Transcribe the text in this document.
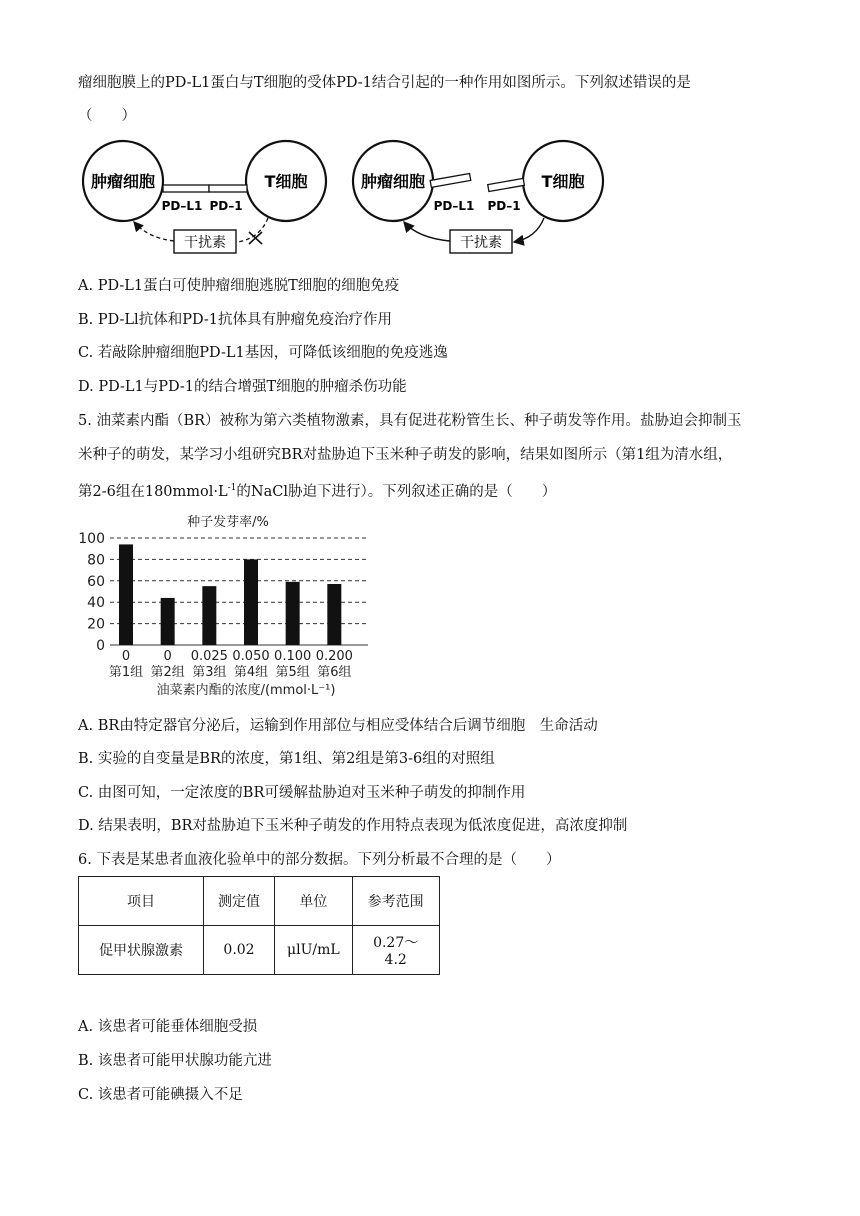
瘤细胞膜上的PD-L1蛋白与T细胞的受体PD-1结合引起的一种作用如图所示。下列叙述错误的是
（　　）
肿瘤细胞	T细胞
PD–L1 PD–1
干扰素
肿瘤细胞	T细胞
PD–L1 PD–1
干扰素
A. PD-L1蛋白可使肿瘤细胞逃脱T细胞的细胞免疫
B. PD-Ll抗体和PD-1抗体具有肿瘤免疫治疗作用
C. 若敲除肿瘤细胞PD-L1基因，可降低该细胞的免疫逃逸
D. PD-L1与PD-1的结合增强T细胞的肿瘤杀伤功能
5. 油菜素内酯（BR）被称为第六类植物激素，具有促进花粉管生长、种子萌发等作用。盐胁迫会抑制玉
米种子的萌发，某学习小组研究BR对盐胁迫下玉米种子萌发的影响，结果如图所示（第1组为清水组，
第2-6组在$180mmol\cdot L^{-1}$的NaCl胁迫下进行）。下列叙述正确的是（　　）
种子发芽率/%
0
20
40
60
80
100
0	0 0.025 0.050 0.100 0.200
第1组 第2组 第3组 第4组 第5组 第6组
油菜素内酯的浓度/(mmol·L⁻¹)
A. BR由特定器官分泌后，运输到作用部位与相应受体结合后调节细胞　生命活动
B. 实验的自变量是BR的浓度，第1组、第2组是第3-6组的对照组
C. 由图可知，一定浓度的BR可缓解盐胁迫对玉米种子萌发的抑制作用
D. 结果表明，BR对盐胁迫下玉米种子萌发的作用特点表现为低浓度促进，高浓度抑制
6. 下表是某患者血液化验单中的部分数据。下列分析最不合理的是（　　）
项目	测定值	单位	参考范围
促甲状腺激素	0.02	μlU/mL	0.27～4.2
A. 该患者可能垂体细胞受损
B. 该患者可能甲状腺功能亢进
C. 该患者可能碘摄入不足
